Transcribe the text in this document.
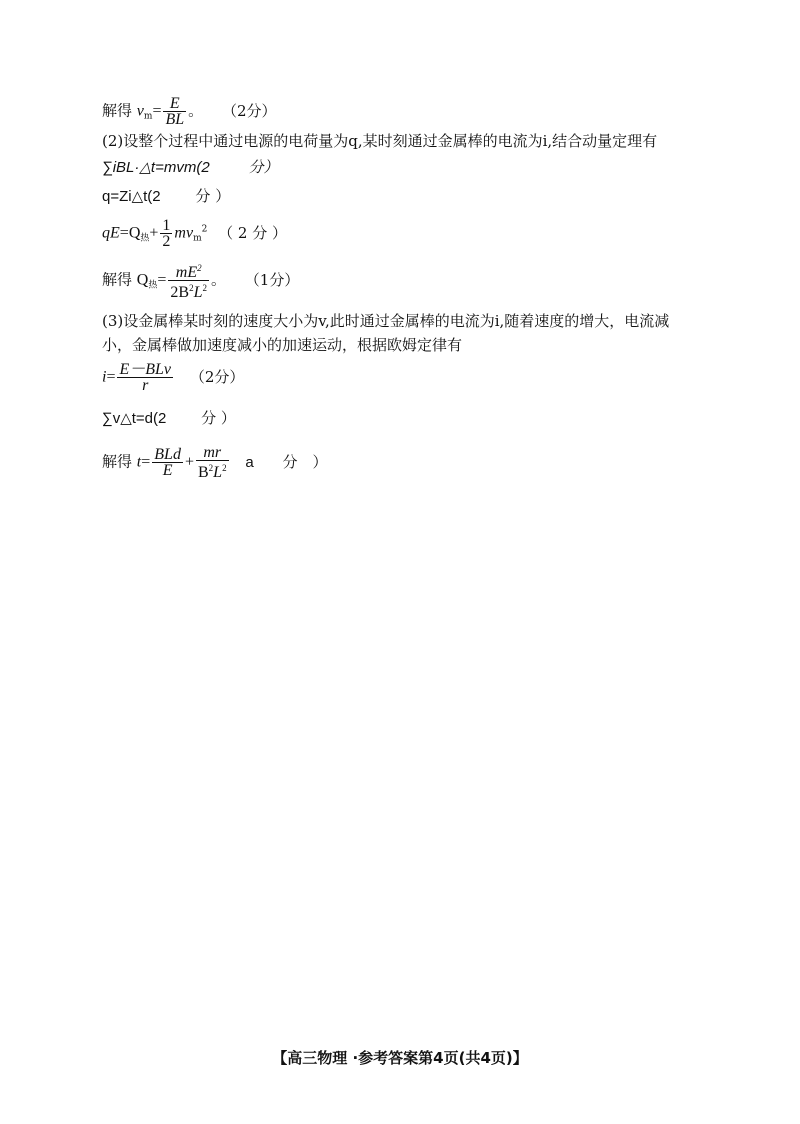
解得 $v_m= \frac{E}{BL}$ 。 （2分）
(2)设整个过程中通过电源的电荷量为q,某时刻通过金属棒的电流为i,结合动量定理有
∑iBL·△t=mvm(2	分）
q=Zi△t(2 分 ）
$qE=Q_热+ \frac{1}{2} mv_m^2$ （ 2 分 ）
解得 $Q_热= \frac{mE^2}{2B^2L^2}$ 。 （1分）
(3)设金属棒某时刻的速度大小为v,此时通过金属棒的电流为i,随着速度的增大，电流减
小，金属棒做加速度减小的加速运动，根据欧姆定律有
$i= \frac{\text{E－BLv}}{r} (2$分）
∑v△t=d(2 分 ）
解得 $t= \frac{\text{BLd}}{E} + \frac{mr}{B^2L^2}$ a 分　）
【高三物理 ·参考答案第4页(共4页)】
